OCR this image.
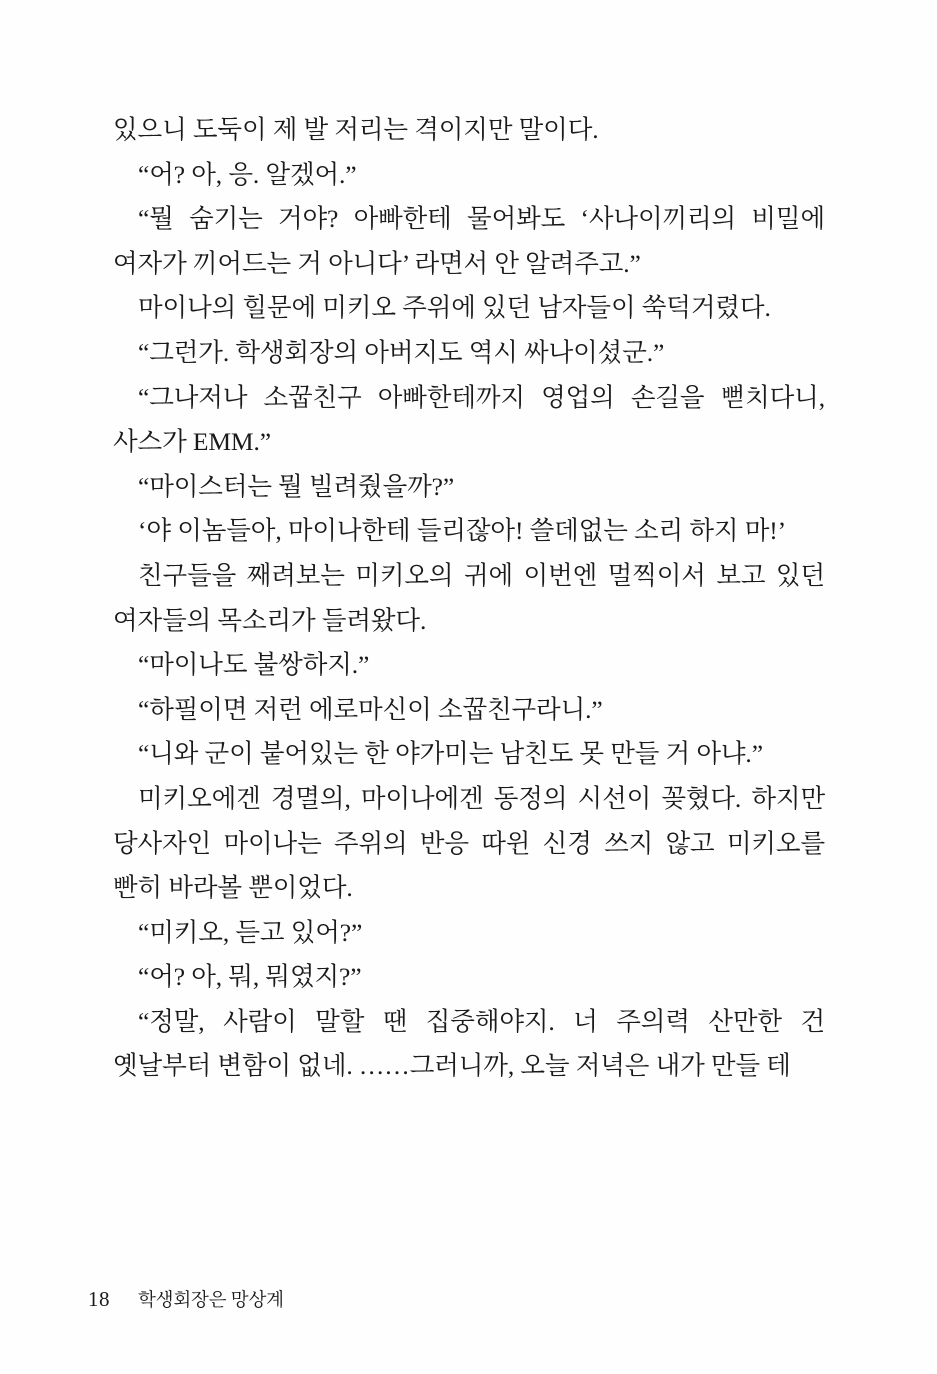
있으니 도둑이 제 발 저리는 격이지만 말이다.

“어? 아, 응. 알겠어.”

“뭘 숨기는 거야? 아빠한테 물어봐도 ‘사나이끼리의 비밀에 여자가 끼어드는 거 아니다’ 라면서 안 알려주고.”

마이나의 힐문에 미키오 주위에 있던 남자들이 쑥덕거렸다.

“그런가. 학생회장의 아버지도 역시 싸나이셨군.”

“그나저나 소꿉친구 아빠한테까지 영업의 손길을 뻗치다니, 사스가 EMM.”

“마이스터는 뭘 빌려줬을까?”

‘야 이놈들아, 마이나한테 들리잖아! 쓸데없는 소리 하지 마!’

친구들을 째려보는 미키오의 귀에 이번엔 멀찍이서 보고 있던 여자들의 목소리가 들려왔다.

“마이나도 불쌍하지.”

“하필이면 저런 에로마신이 소꿉친구라니.”

“니와 군이 붙어있는 한 야가미는 남친도 못 만들 거 아냐.”

미키오에겐 경멸의, 마이나에겐 동정의 시선이 꽂혔다. 하지만 당사자인 마이나는 주위의 반응 따윈 신경 쓰지 않고 미키오를 빤히 바라볼 뿐이었다.

“미키오, 듣고 있어?”

“어? 아, 뭐, 뭐였지?”

“정말, 사람이 말할 땐 집중해야지. 너 주의력 산만한 건 옛날부터 변함이 없네. ……그러니까, 오늘 저녁은 내가 만들 테

18 학생회장은 망상계
